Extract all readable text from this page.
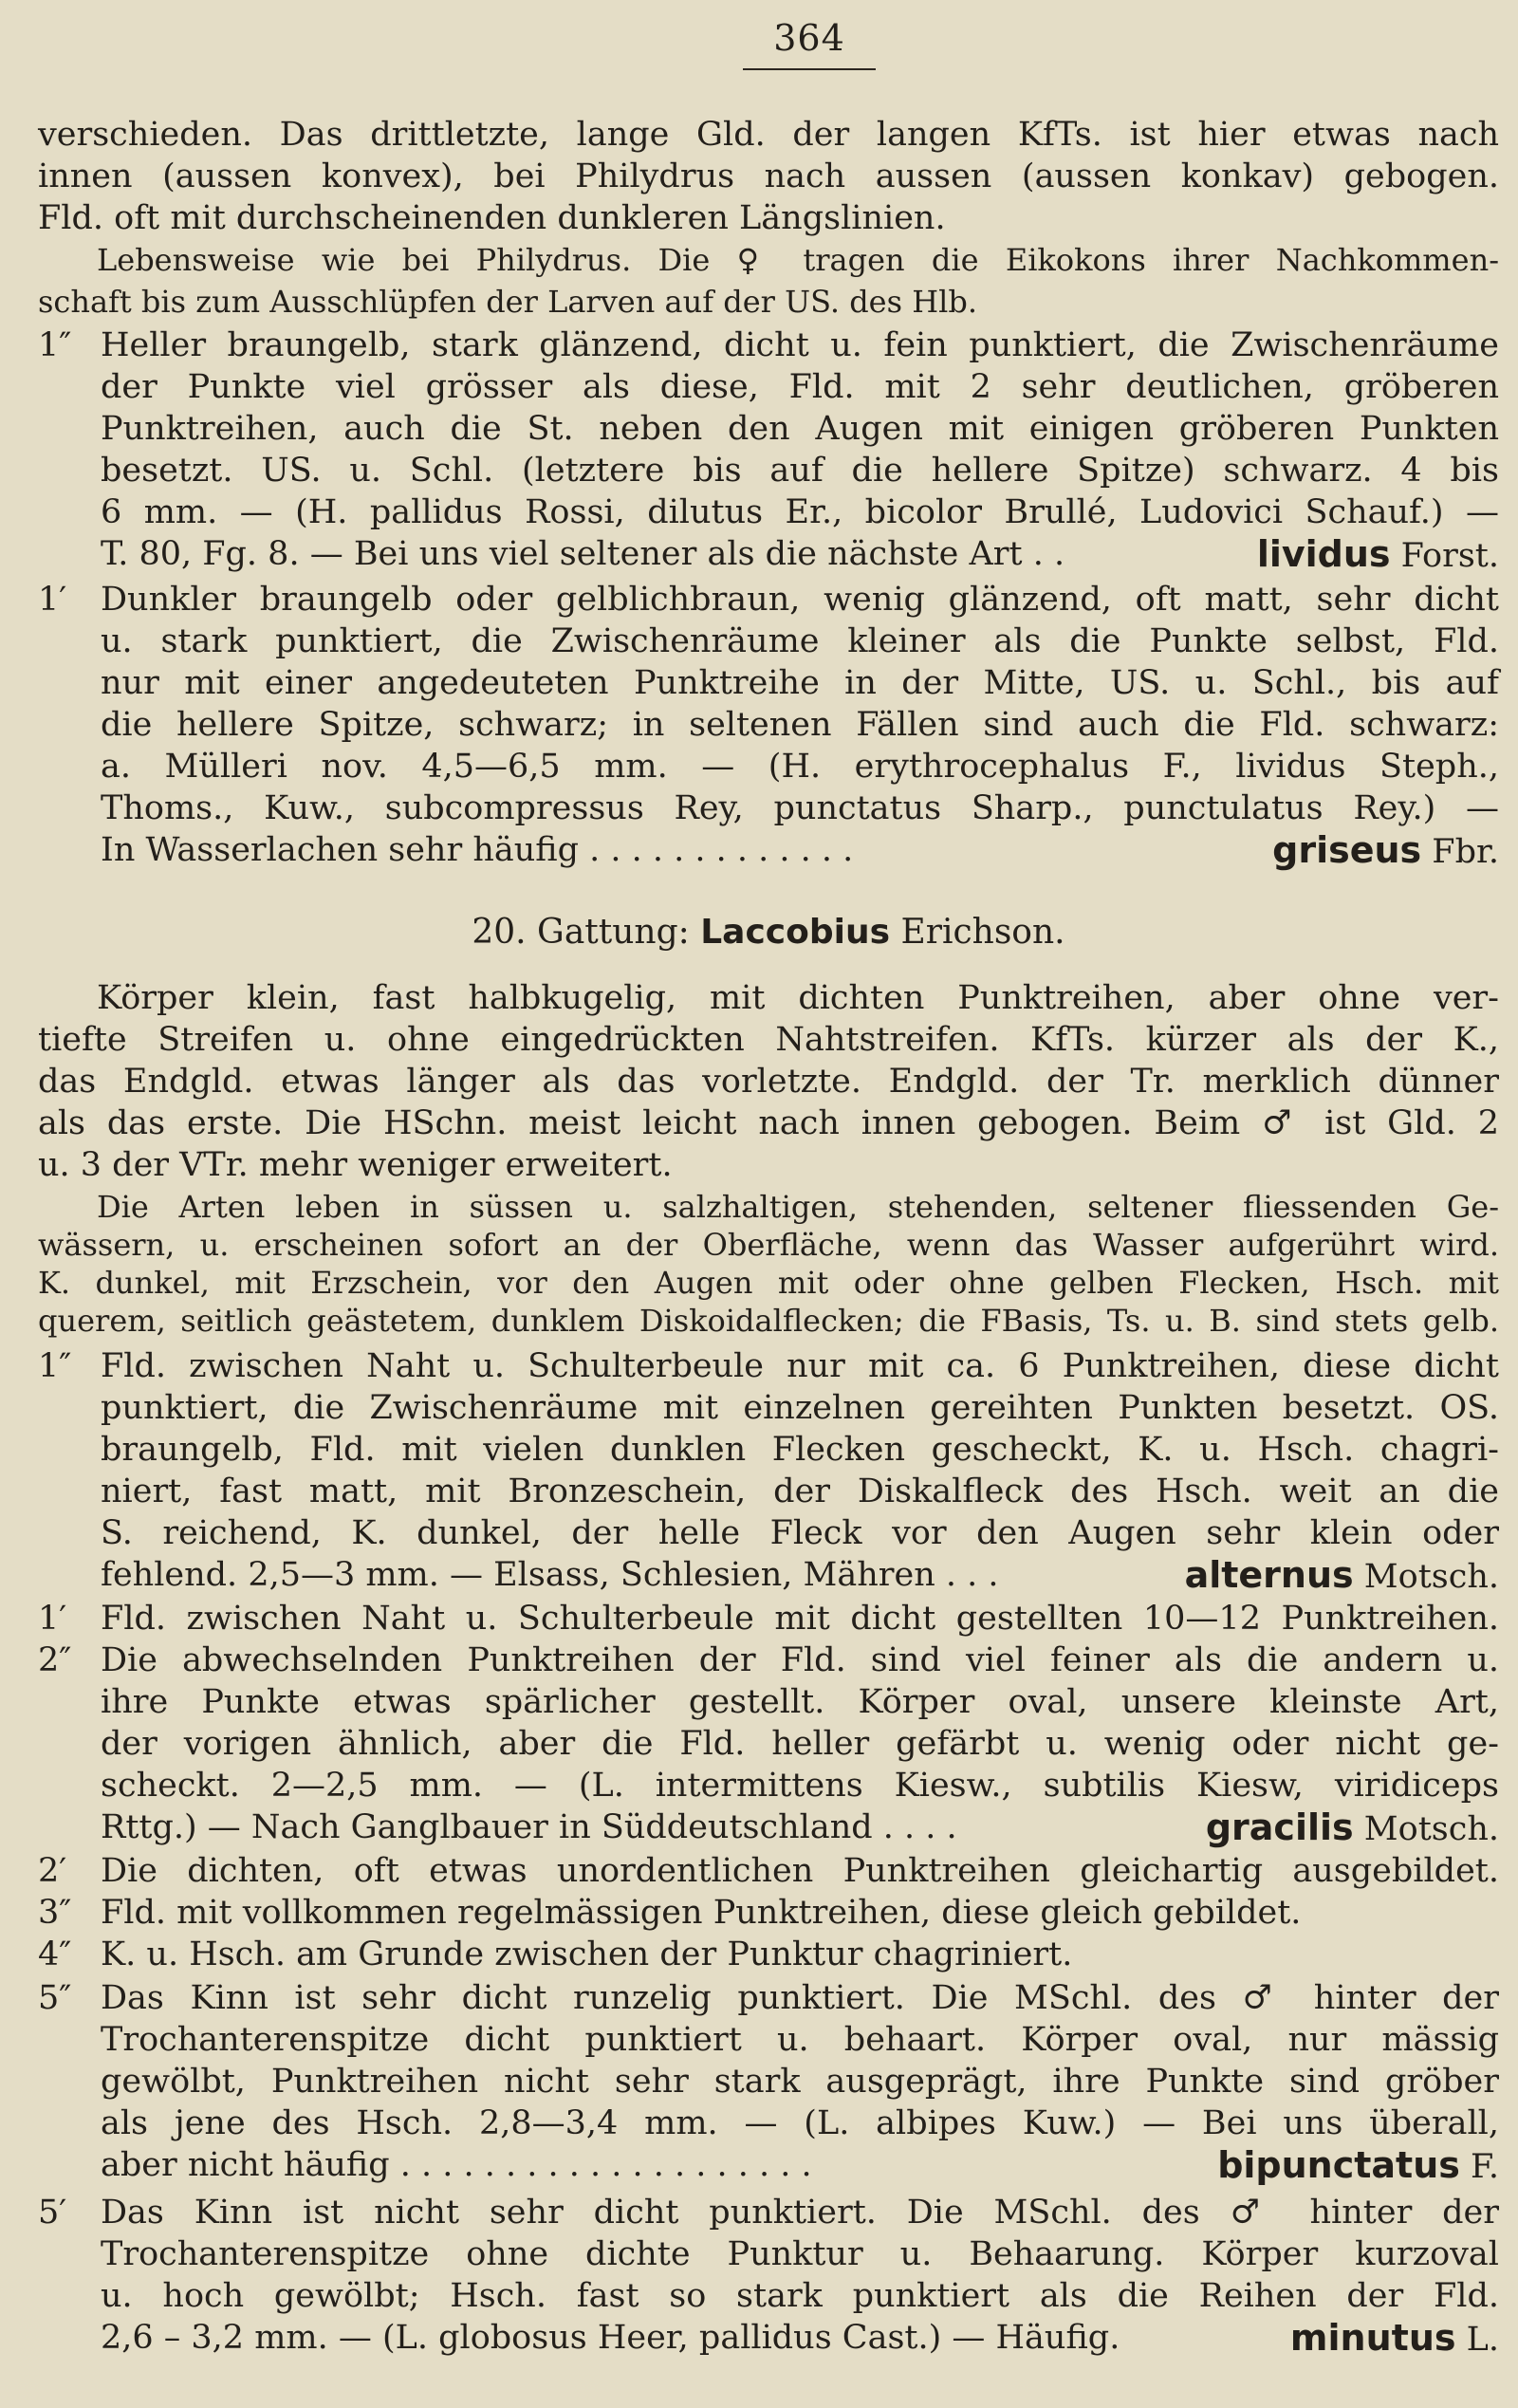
364
verschieden. Das drittletzte, lange Gld. der langen KfTs. ist hier etwas nach
innen (aussen konvex), bei Philydrus nach aussen (aussen konkav) gebogen.
Fld. oft mit durchscheinenden dunkleren Längslinien.
Lebensweise wie bei Philydrus. Die ♀ tragen die Eikokons ihrer Nachkommen-
schaft bis zum Ausschlüpfen der Larven auf der US. des Hlb.
1″ Heller braungelb, stark glänzend, dicht u. fein punktiert, die Zwischenräume
der Punkte viel grösser als diese, Fld. mit 2 sehr deutlichen, gröberen
Punktreihen, auch die St. neben den Augen mit einigen gröberen Punkten
besetzt. US. u. Schl. (letztere bis auf die hellere Spitze) schwarz. 4 bis
6 mm. — (H. pallidus Rossi, dilutus Er., bicolor Brullé, Ludovici Schauf.) —
T. 80, Fg. 8. — Bei uns viel seltener als die nächste Art . .	lividus Forst.
1′	Dunkler braungelb oder gelblichbraun, wenig glänzend, oft matt, sehr dicht
u. stark punktiert, die Zwischenräume kleiner als die Punkte selbst, Fld.
nur mit einer angedeuteten Punktreihe in der Mitte, US. u. Schl., bis auf
die hellere Spitze, schwarz; in seltenen Fällen sind auch die Fld. schwarz:
a. Mülleri nov. 4,5—6,5 mm. — (H. erythrocephalus F., lividus Steph.,
Thoms., Kuw., subcompressus Rey, punctatus Sharp., punctulatus Rey.) —
In Wasserlachen sehr häufig . . . . . . . . . . . . .	griseus Fbr.
20. Gattung: Laccobius Erichson.
Körper klein, fast halbkugelig, mit dichten Punktreihen, aber ohne ver-
tiefte Streifen u. ohne eingedrückten Nahtstreifen. KfTs. kürzer als der K.,
das Endgld. etwas länger als das vorletzte. Endgld. der Tr. merklich dünner
als das erste. Die HSchn. meist leicht nach innen gebogen. Beim ♂ ist Gld. 2
u. 3 der VTr. mehr weniger erweitert.
Die Arten leben in süssen u. salzhaltigen, stehenden, seltener fliessenden Ge-
wässern, u. erscheinen sofort an der Oberfläche, wenn das Wasser aufgerührt wird.
K. dunkel, mit Erzschein, vor den Augen mit oder ohne gelben Flecken, Hsch. mit
querem, seitlich geästetem, dunklem Diskoidalflecken; die FBasis, Ts. u. B. sind stets gelb.
1″ Fld. zwischen Naht u. Schulterbeule nur mit ca. 6 Punktreihen, diese dicht
punktiert, die Zwischenräume mit einzelnen gereihten Punkten besetzt. OS.
braungelb, Fld. mit vielen dunklen Flecken gescheckt, K. u. Hsch. chagri-
niert, fast matt, mit Bronzeschein, der Diskalfleck des Hsch. weit an die
S. reichend, K. dunkel, der helle Fleck vor den Augen sehr klein oder
fehlend. 2,5—3 mm. — Elsass, Schlesien, Mähren . . .	alternus Motsch.
1′	Fld. zwischen Naht u. Schulterbeule mit dicht gestellten 10—12 Punktreihen.
2″ Die abwechselnden Punktreihen der Fld. sind viel feiner als die andern u.
ihre Punkte etwas spärlicher gestellt. Körper oval, unsere kleinste Art,
der vorigen ähnlich, aber die Fld. heller gefärbt u. wenig oder nicht ge-
scheckt. 2—2,5 mm. — (L. intermittens Kiesw., subtilis Kiesw, viridiceps
Rttg.) — Nach Ganglbauer in Süddeutschland . . . .	gracilis Motsch.
2′	Die dichten, oft etwas unordentlichen Punktreihen gleichartig ausgebildet.
3″ Fld. mit vollkommen regelmässigen Punktreihen, diese gleich gebildet.
4″ K. u. Hsch. am Grunde zwischen der Punktur chagriniert.
5″ Das Kinn ist sehr dicht runzelig punktiert. Die MSchl. des ♂ hinter der
Trochanterenspitze dicht punktiert u. behaart. Körper oval, nur mässig
gewölbt, Punktreihen nicht sehr stark ausgeprägt, ihre Punkte sind gröber
als jene des Hsch. 2,8—3,4 mm. — (L. albipes Kuw.) — Bei uns überall,
aber nicht häufig . . . . . . . . . . . . . . . . . . . .	bipunctatus F.
5′	Das Kinn ist nicht sehr dicht punktiert. Die MSchl. des ♂ hinter der
Trochanterenspitze ohne dichte Punktur u. Behaarung. Körper kurzoval
u. hoch gewölbt; Hsch. fast so stark punktiert als die Reihen der Fld.
2,6 – 3,2 mm. — (L. globosus Heer, pallidus Cast.) — Häufig.	minutus L.
